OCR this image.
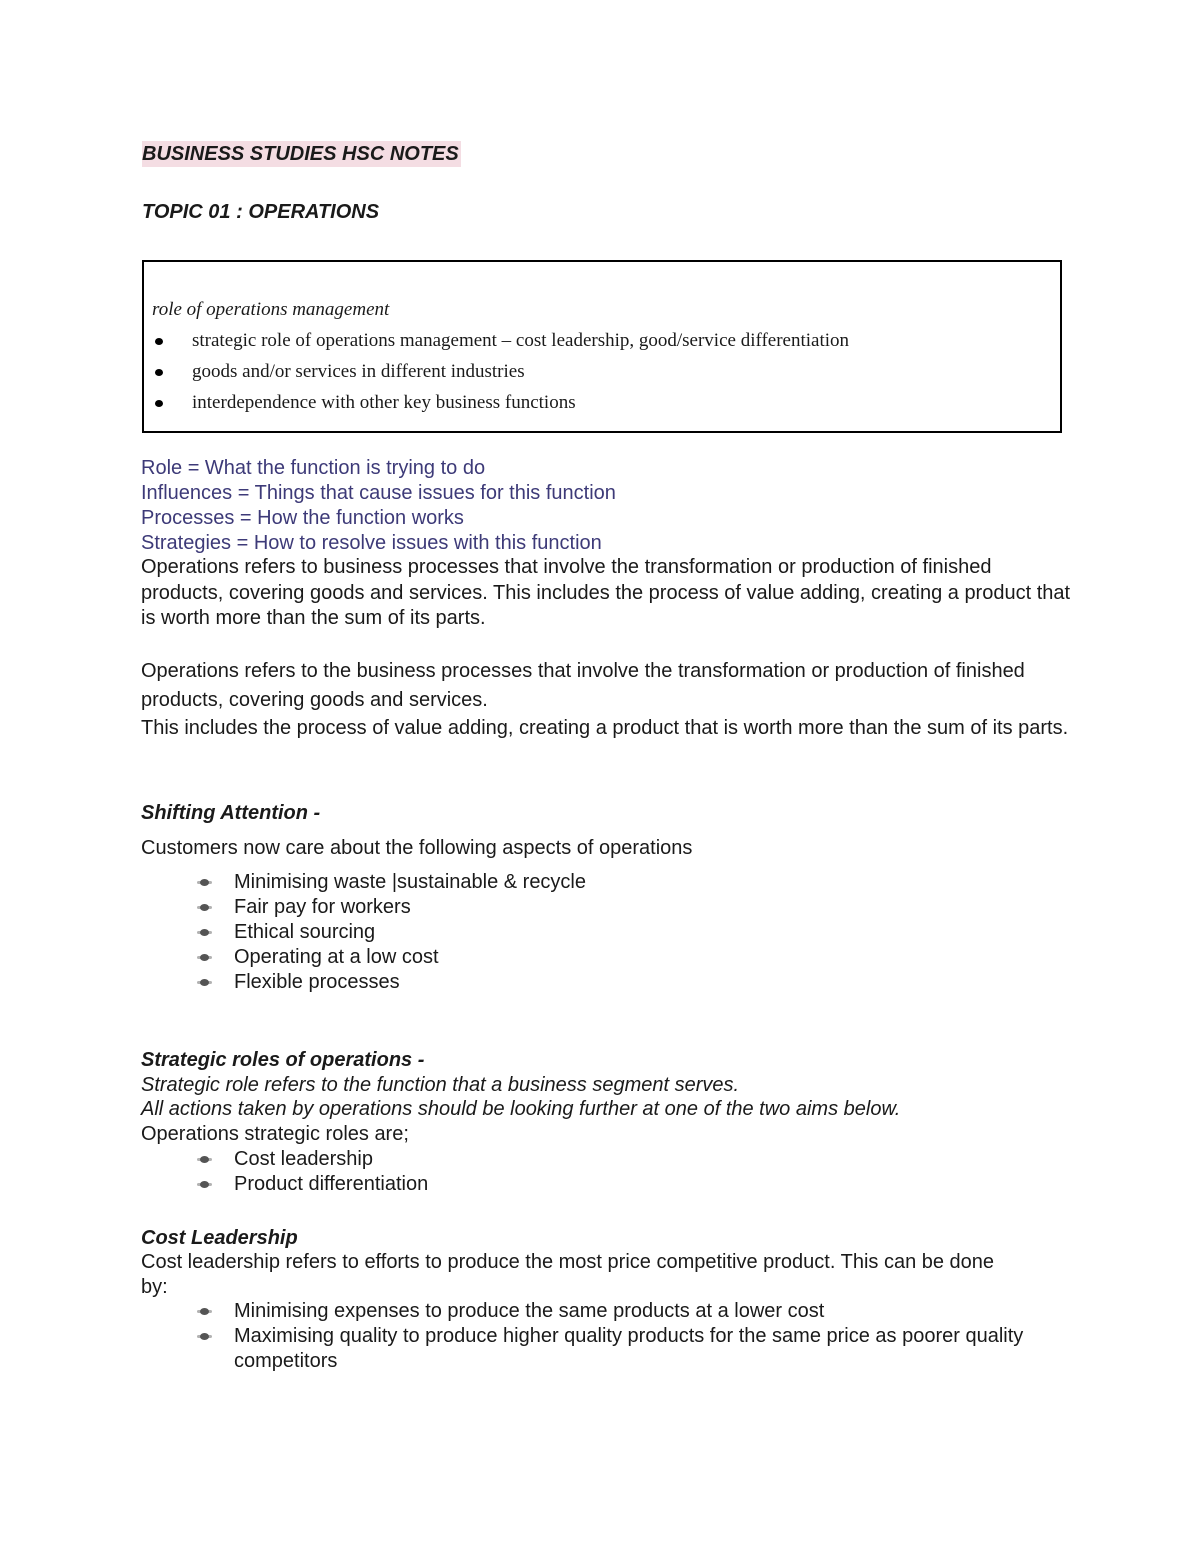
BUSINESS STUDIES HSC NOTES
TOPIC 01 : OPERATIONS
role of operations management
strategic role of operations management – cost leadership, good/service differentiation
goods and/or services in different industries
interdependence with other key business functions
Role = What the function is trying to do
Influences = Things that cause issues for this function
Processes = How the function works
Strategies = How to resolve issues with this function
Operations refers to business processes that involve the transformation or production of finished products, covering goods and services. This includes the process of value adding, creating a product that is worth more than the sum of its parts.
Operations refers to the business processes that involve the transformation or production of finished products, covering goods and services.
This includes the process of value adding, creating a product that is worth more than the sum of its parts.
Shifting Attention -
Customers now care about the following aspects of operations
Minimising waste |sustainable & recycle
Fair pay for workers
Ethical sourcing
Operating at a low cost
Flexible processes
Strategic roles of operations -
Strategic role refers to the function that a business segment serves.
All actions taken by operations should be looking further at one of the two aims below.
Operations strategic roles are;
Cost leadership
Product differentiation
Cost Leadership
Cost leadership refers to efforts to produce the most price competitive product. This can be done by:
Minimising expenses to produce the same products at a lower cost
Maximising quality to produce higher quality products for the same price as poorer quality competitors
